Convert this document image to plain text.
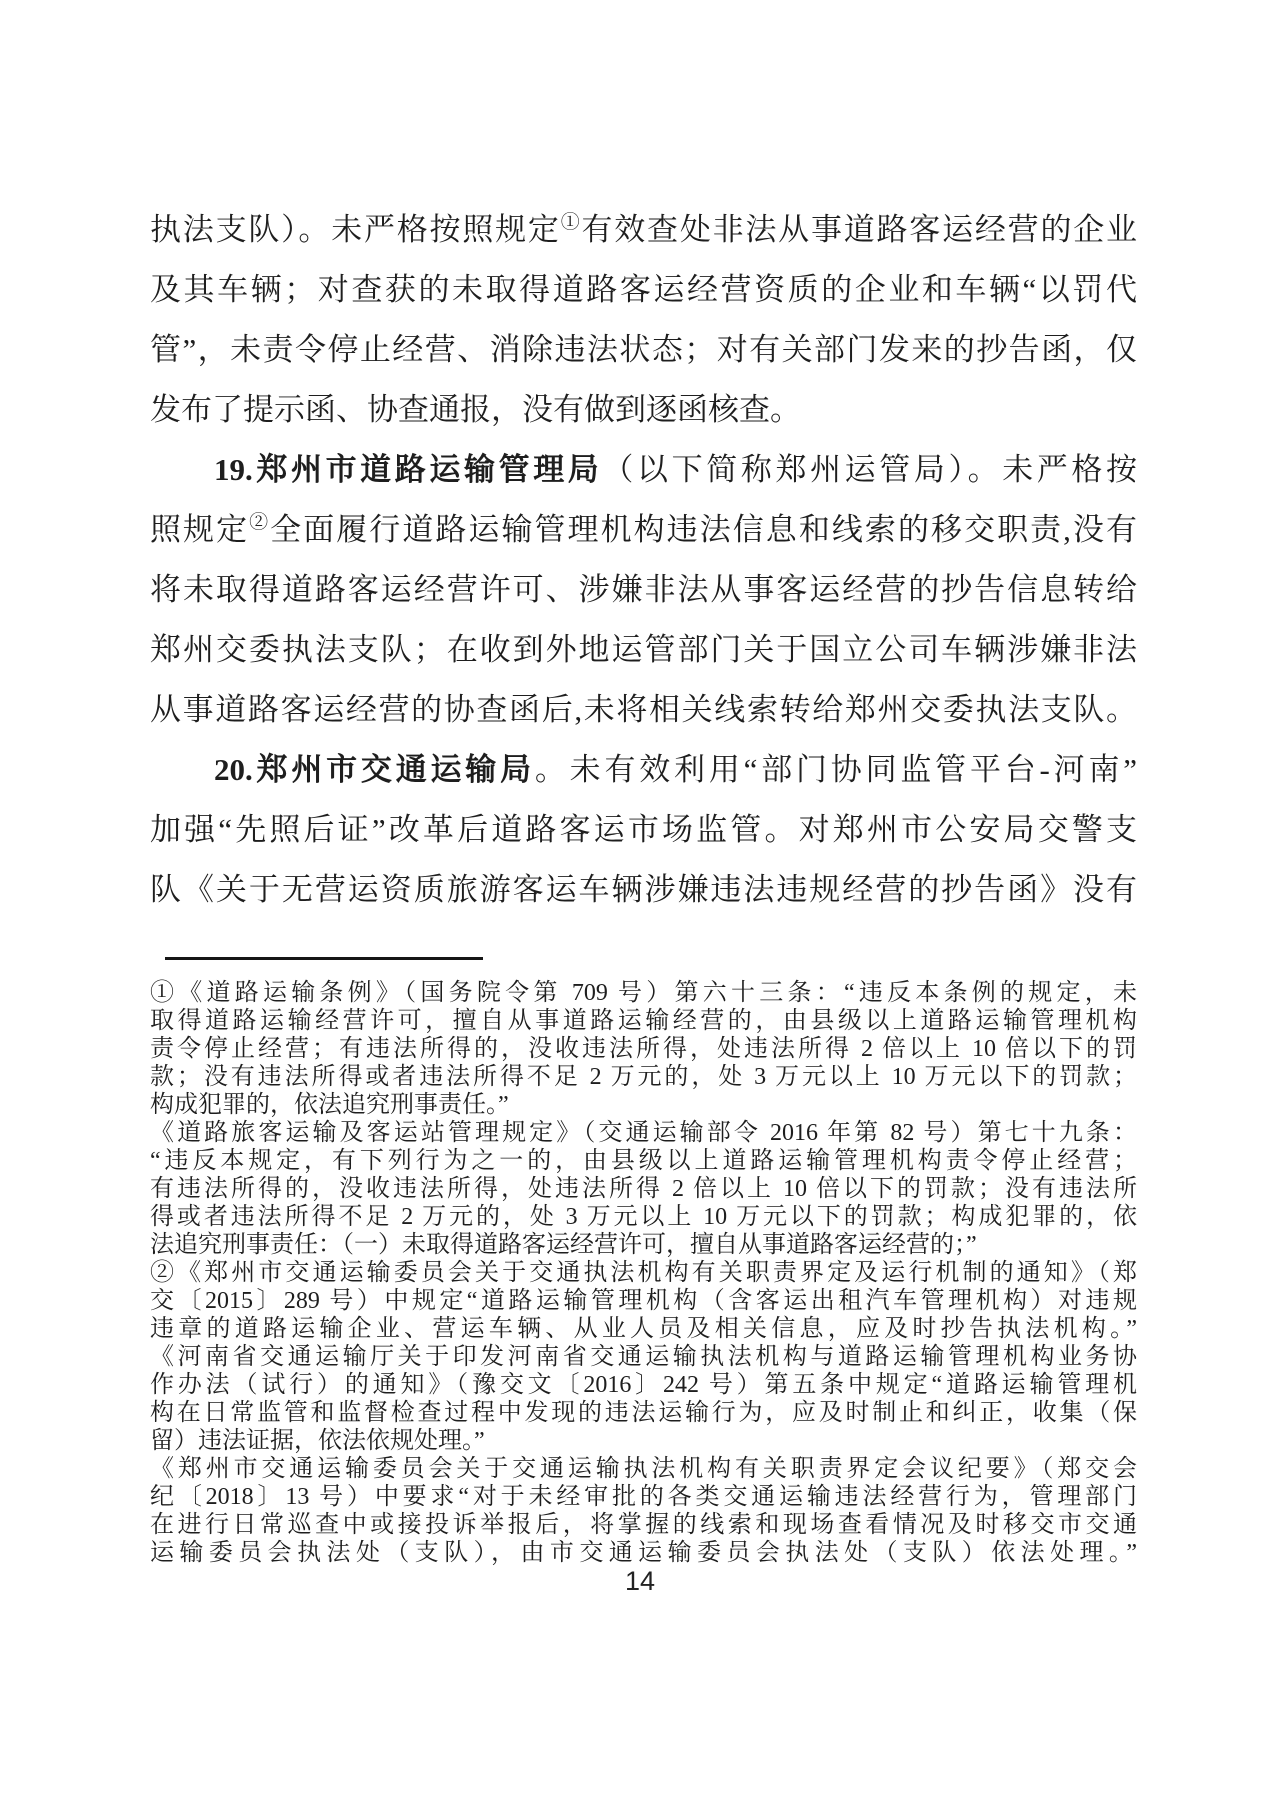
执法支队）。未严格按照规定①有效查处非法从事道路客运经营的企业
及其车辆；对查获的未取得道路客运经营资质的企业和车辆“以罚代
管”，未责令停止经营、消除违法状态；对有关部门发来的抄告函，仅
发布了提示函、协查通报，没有做到逐函核查。
19.郑州市道路运输管理局（以下简称郑州运管局）。未严格按
照规定②全面履行道路运输管理机构违法信息和线索的移交职责,没有
将未取得道路客运经营许可、涉嫌非法从事客运经营的抄告信息转给
郑州交委执法支队；在收到外地运管部门关于国立公司车辆涉嫌非法
从事道路客运经营的协查函后,未将相关线索转给郑州交委执法支队。
20.郑州市交通运输局。未有效利用“部门协同监管平台-河南”
加强“先照后证”改革后道路客运市场监管。对郑州市公安局交警支
队《关于无营运资质旅游客运车辆涉嫌违法违规经营的抄告函》没有
①《道路运输条例》（国务院令第 709 号）第六十三条：“违反本条例的规定，未
取得道路运输经营许可，擅自从事道路运输经营的，由县级以上道路运输管理机构
责令停止经营；有违法所得的，没收违法所得，处违法所得 2 倍以上 10 倍以下的罚
款；没有违法所得或者违法所得不足 2 万元的，处 3 万元以上 10 万元以下的罚款；
构成犯罪的，依法追究刑事责任。”
《道路旅客运输及客运站管理规定》（交通运输部令 2016 年第 82 号）第七十九条：
“违反本规定，有下列行为之一的，由县级以上道路运输管理机构责令停止经营；
有违法所得的，没收违法所得，处违法所得 2 倍以上 10 倍以下的罚款；没有违法所
得或者违法所得不足 2 万元的，处 3 万元以上 10 万元以下的罚款；构成犯罪的，依
法追究刑事责任：（一）未取得道路客运经营许可，擅自从事道路客运经营的；”
②《郑州市交通运输委员会关于交通执法机构有关职责界定及运行机制的通知》（郑
交〔2015〕289 号）中规定“道路运输管理机构（含客运出租汽车管理机构）对违规
违章的道路运输企业、营运车辆、从业人员及相关信息，应及时抄告执法机构。”
《河南省交通运输厅关于印发河南省交通运输执法机构与道路运输管理机构业务协
作办法（试行）的通知》（豫交文〔2016〕242 号）第五条中规定“道路运输管理机
构在日常监管和监督检查过程中发现的违法运输行为，应及时制止和纠正，收集（保
留）违法证据，依法依规处理。”
《郑州市交通运输委员会关于交通运输执法机构有关职责界定会议纪要》（郑交会
纪〔2018〕13 号）中要求“对于未经审批的各类交通运输违法经营行为，管理部门
在进行日常巡查中或接投诉举报后，将掌握的线索和现场查看情况及时移交市交通
运输委员会执法处（支队），由市交通运输委员会执法处（支队）依法处理。”
14
